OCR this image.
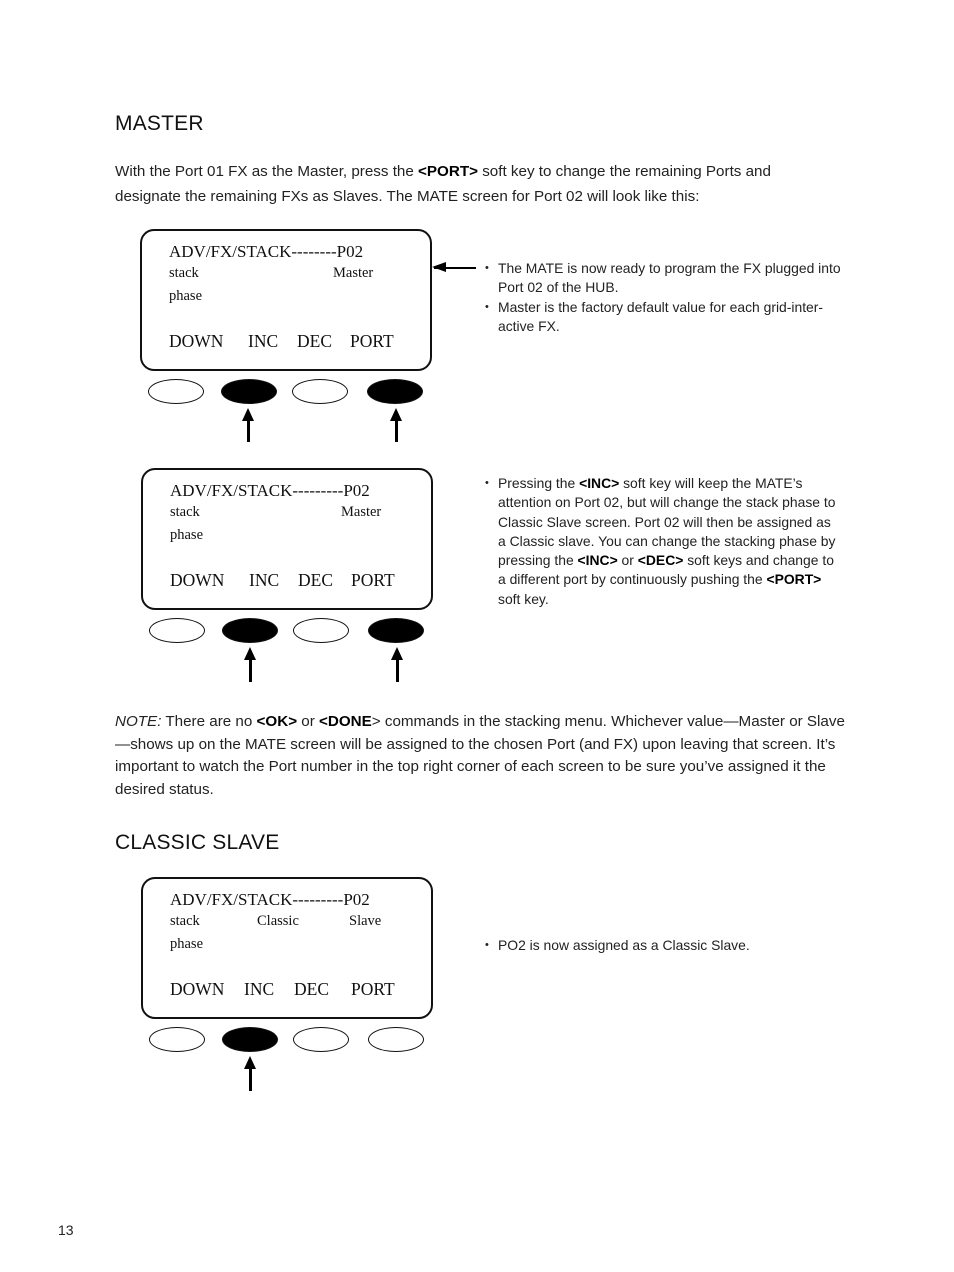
MASTER
With the Port 01 FX as the Master, press the <PORT> soft key to change the remaining Ports and designate the remaining FXs as Slaves. The MATE screen for Port 02 will look like this:
ADV/FX/STACK--------P02
stack	Master
phase
DOWN INC DEC PORT
• The MATE is now ready to program the FX plugged into Port 02 of the HUB.
• Master is the factory default value for each grid-inter-active FX.
ADV/FX/STACK---------P02
stack	Master
phase
DOWN INC DEC PORT
• Pressing the <INC> soft key will keep the MATE’s attention on Port 02, but will change the stack phase to Classic Slave screen. Port 02 will then be assigned as a Classic slave. You can change the stacking phase by pressing the <INC> or <DEC> soft keys and change to a different port by continuously pushing the <PORT> soft key.
NOTE: There are no <OK> or <DONE> commands in the stacking menu. Whichever value—Master or Slave—shows up on the MATE screen will be assigned to the chosen Port (and FX) upon leaving that screen. It’s important to watch the Port number in the top right corner of each screen to be sure you’ve assigned it the desired status.
CLASSIC SLAVE
ADV/FX/STACK---------P02
stack	Classic	Slave
phase
DOWN INC DEC PORT
• PO2 is now assigned as a Classic Slave.
13
